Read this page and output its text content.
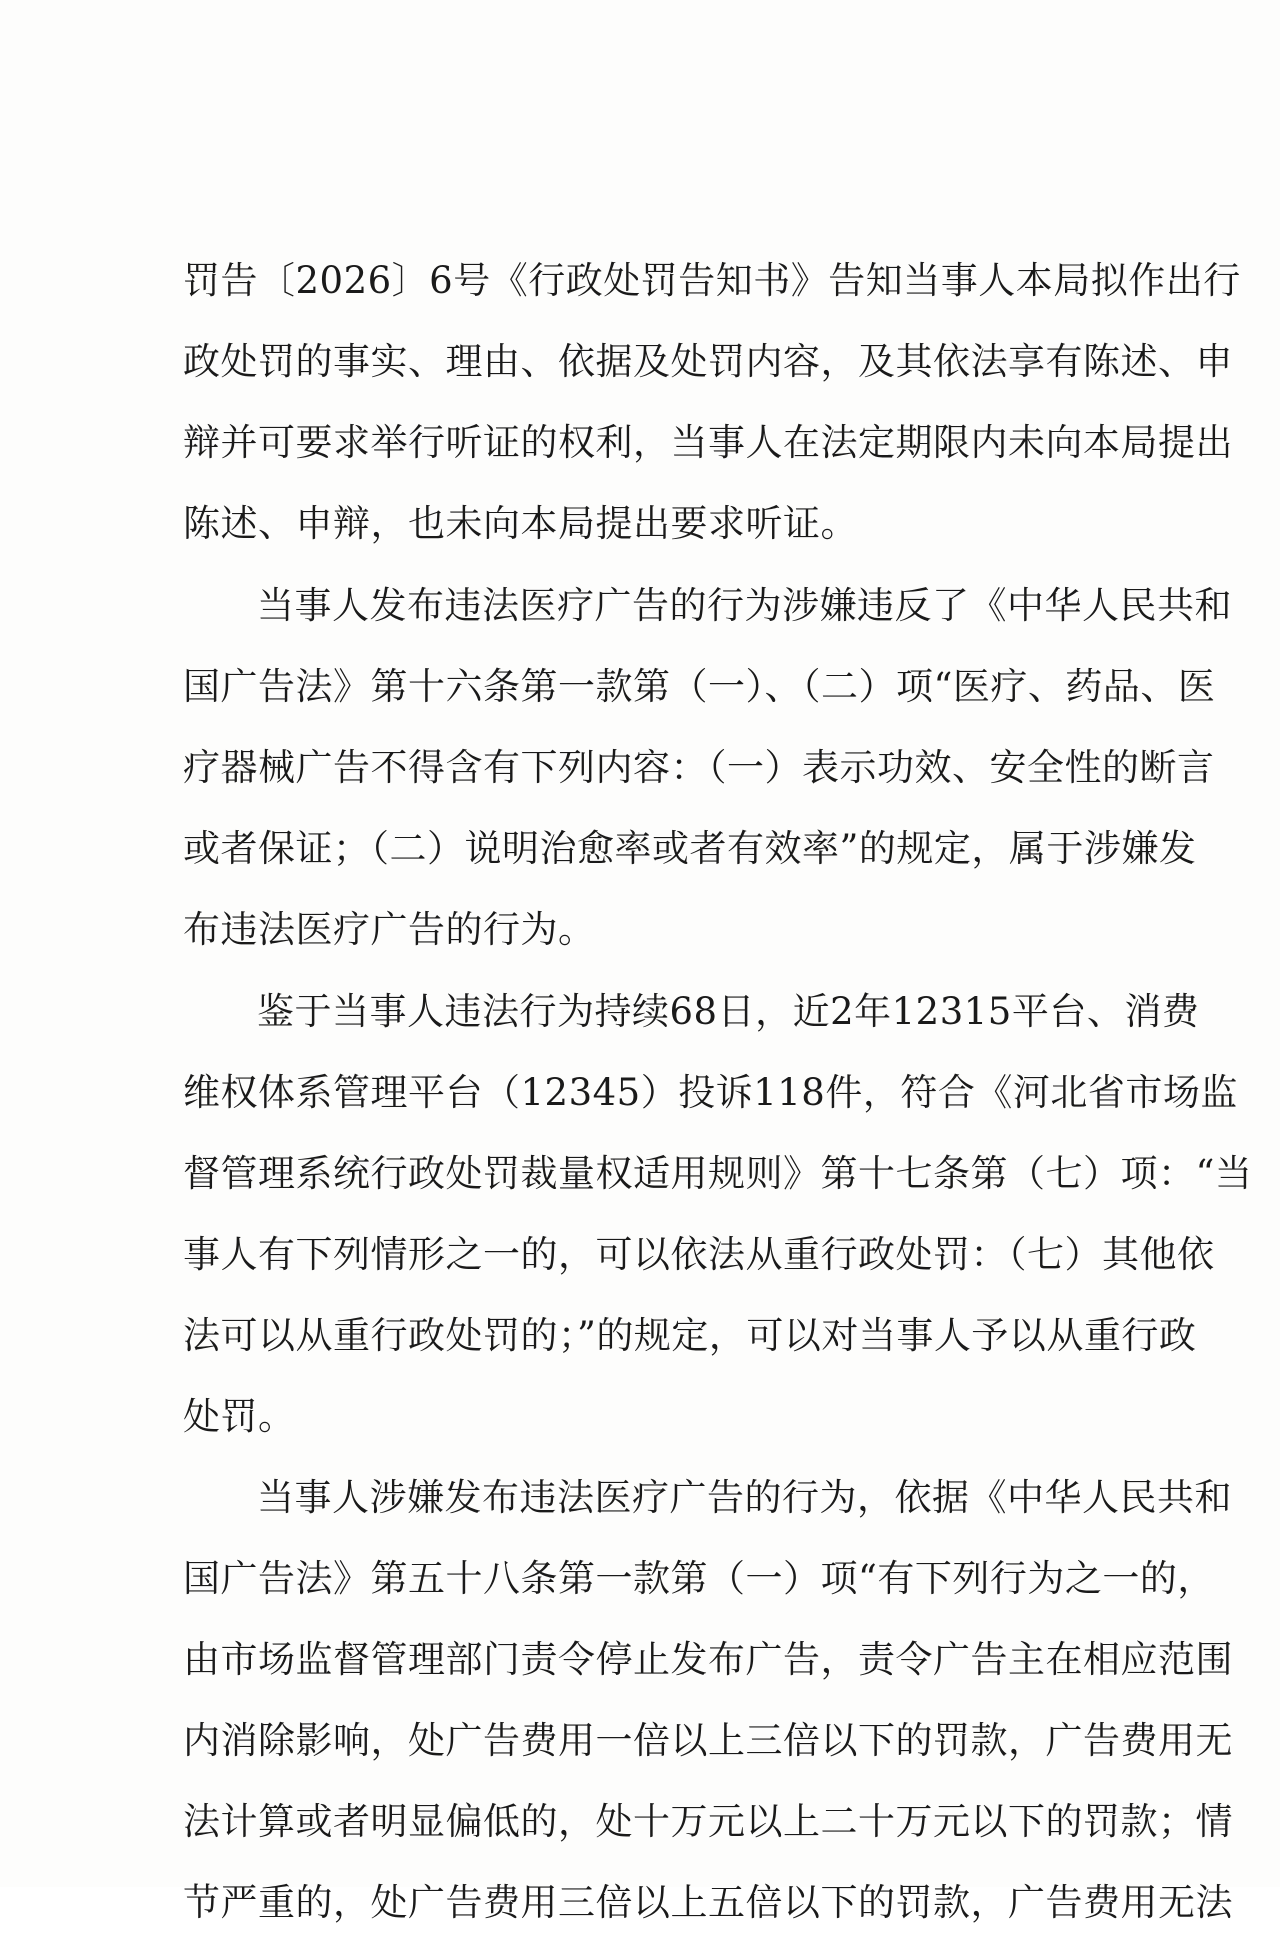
罚告〔2026〕6号《行政处罚告知书》告知当事人本局拟作出行
政处罚的事实、理由、依据及处罚内容，及其依法享有陈述、申
辩并可要求举行听证的权利，当事人在法定期限内未向本局提出
陈述、申辩，也未向本局提出要求听证。
当事人发布违法医疗广告的行为涉嫌违反了《中华人民共和
国广告法》第十六条第一款第（一）、（二）项“医疗、药品、医
疗器械广告不得含有下列内容：（一）表示功效、安全性的断言
或者保证；（二）说明治愈率或者有效率”的规定，属于涉嫌发
布违法医疗广告的行为。
鉴于当事人违法行为持续68日，近2年12315平台、消费
维权体系管理平台（12345）投诉118件，符合《河北省市场监
督管理系统行政处罚裁量权适用规则》第十七条第（七）项：“当
事人有下列情形之一的，可以依法从重行政处罚：（七）其他依
法可以从重行政处罚的；”的规定，可以对当事人予以从重行政
处罚。
当事人涉嫌发布违法医疗广告的行为，依据《中华人民共和
国广告法》第五十八条第一款第（一）项“有下列行为之一的，
由市场监督管理部门责令停止发布广告，责令广告主在相应范围
内消除影响，处广告费用一倍以上三倍以下的罚款，广告费用无
法计算或者明显偏低的，处十万元以上二十万元以下的罚款；情
节严重的，处广告费用三倍以上五倍以下的罚款，广告费用无法
